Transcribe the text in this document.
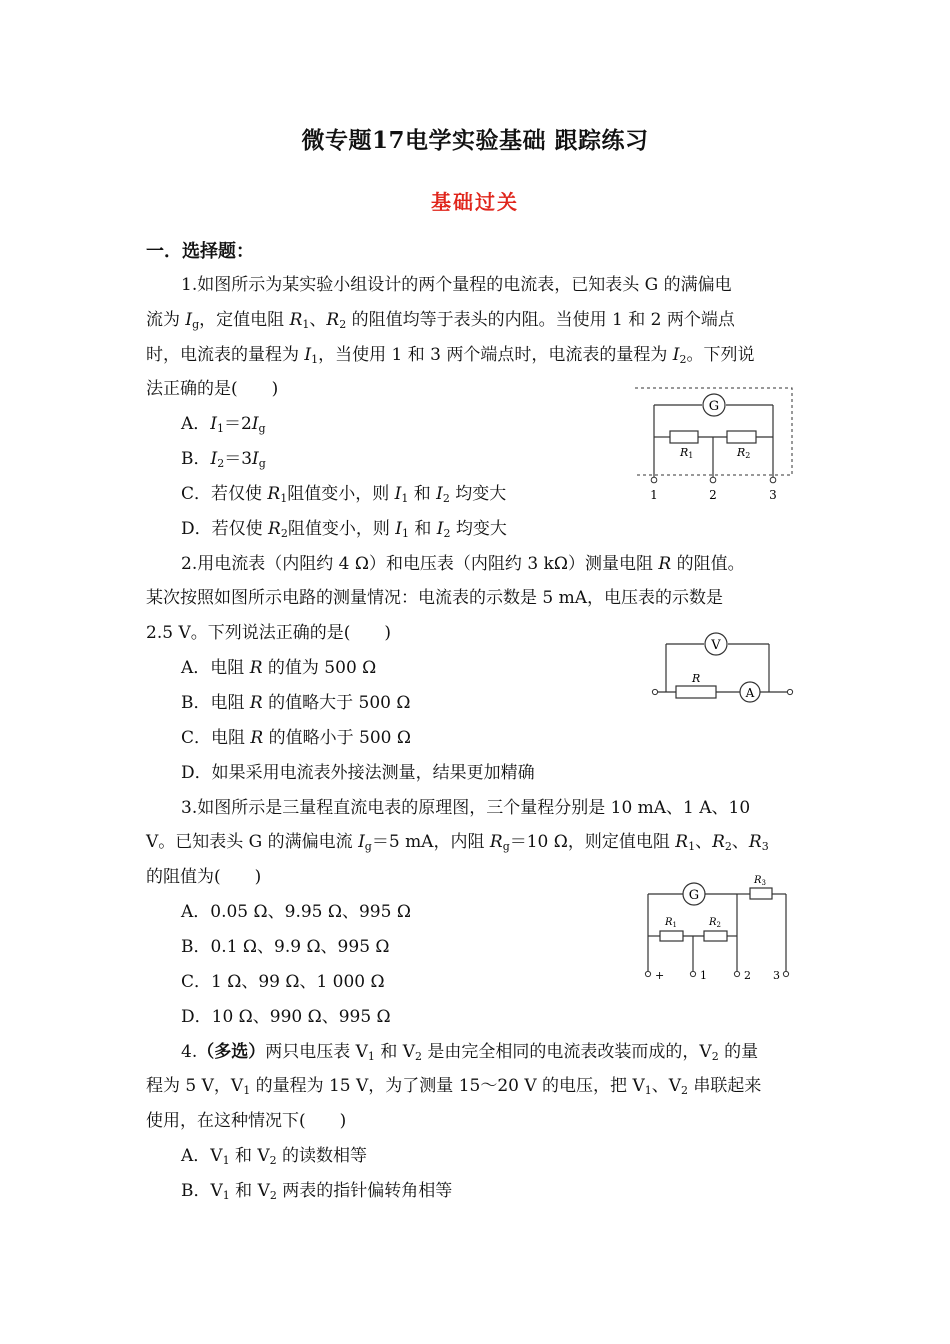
微专题17电学实验基础 跟踪练习
基础过关
一．选择题：
1.如图所示为某实验小组设计的两个量程的电流表，已知表头 G 的满偏电
流为 $I_g$，定值电阻 $R_1$、$R_2$ 的阻值均等于表头的内阻。当使用 1 和 2 两个端点
时，电流表的量程为 $I_1$，当使用 1 和 3 两个端点时，电流表的量程为 $I_2$。下列说
法正确的是(　　)
A．$I_1=2I_g$
B．$I_2=3I_g$
C．若仅使 $R_1$阻值变小，则 $I_1$ 和 $I_2$ 均变大
D．若仅使 $R_2$阻值变小，则 $I_1$ 和 $I_2$ 均变大
G
R1	R2
1	2	3
2.用电流表（内阻约 4 Ω）和电压表（内阻约 3 kΩ）测量电阻 R 的阻值。
某次按照如图所示电路的测量情况：电流表的示数是 5 mA，电压表的示数是
2.5 V。下列说法正确的是(　　)
A．电阻 R 的值为 500 Ω
B．电阻 R 的值略大于 500 Ω
C．电阻 R 的值略小于 500 Ω
D．如果采用电流表外接法测量，结果更加精确
V
R
A
3.如图所示是三量程直流电表的原理图，三个量程分别是 10 mA、1 A、10
V。已知表头 G 的满偏电流 $I_g=5$ mA，内阻 $R_g=10$ Ω，则定值电阻 $R_1$、$R_2$、$R_3$
的阻值为(　　)
A．0.05 Ω、9.95 Ω、995 Ω
B．0.1 Ω、9.9 Ω、995 Ω
C．1 Ω、99 Ω、1 000 Ω
D．10 Ω、990 Ω、995 Ω
G
$R_3$
$R_1$	$R_2$
+	1	2 3
4.（多选）两只电压表 $V_1$ 和 $V_2$ 是由完全相同的电流表改装而成的，$V_2$ 的量
程为 5 V，$V_1$ 的量程为 15 V，为了测量 15～20 V 的电压，把 $V_1$、$V_2$ 串联起来
使用，在这种情况下(　　)
A．$V_1$ 和 $V_2$ 的读数相等
B．$V_1$ 和 $V_2$ 两表的指针偏转角相等
